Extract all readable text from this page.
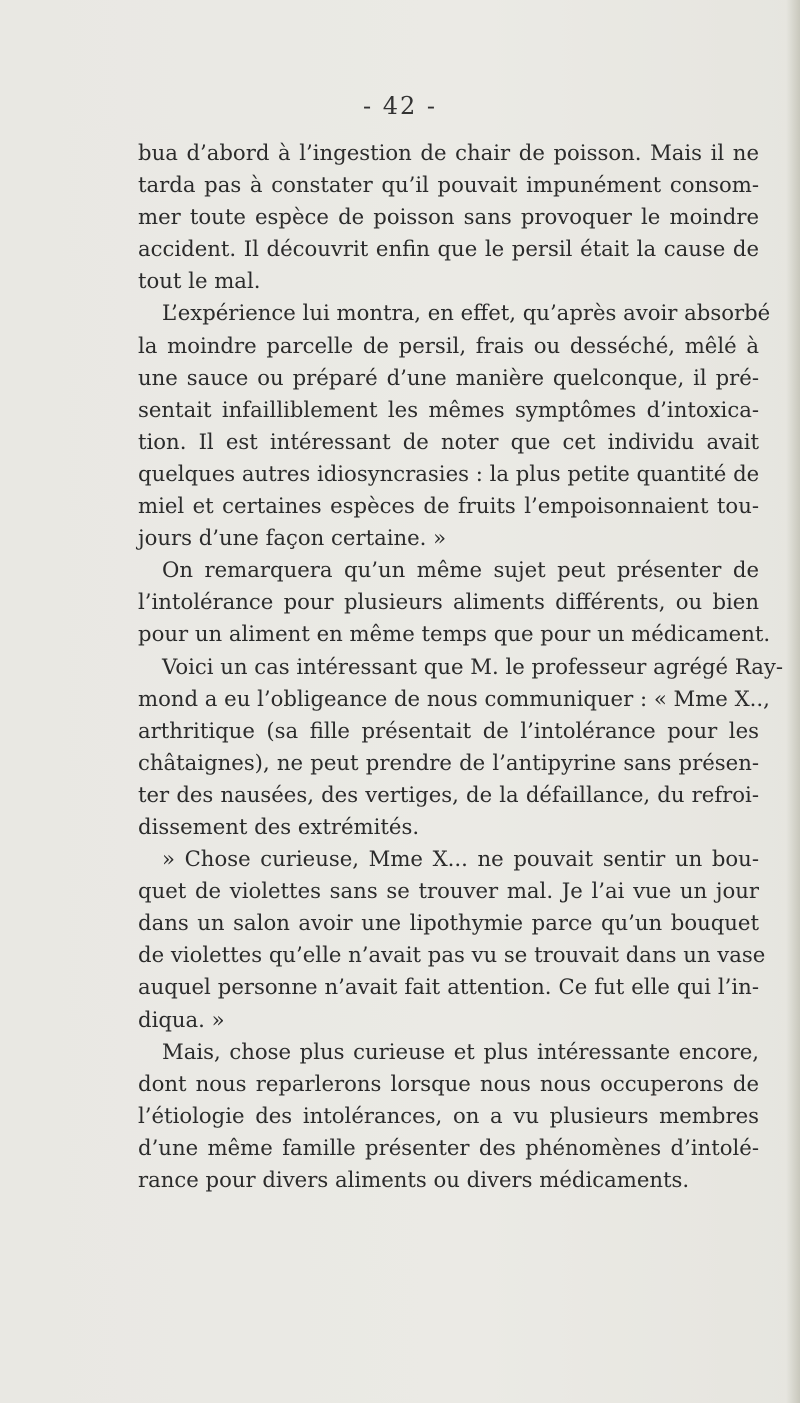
- 42 -
bua d’abord à l’ingestion de chair de poisson. Mais il ne
tarda pas à constater qu’il pouvait impunément consom-
mer toute espèce de poisson sans provoquer le moindre
accident. Il découvrit enfin que le persil était la cause de
tout le mal.
L’expérience lui montra, en effet, qu’après avoir absorbé
la moindre parcelle de persil, frais ou desséché, mêlé à
une sauce ou préparé d’une manière quelconque, il pré-
sentait infailliblement les mêmes symptômes d’intoxica-
tion. Il est intéressant de noter que cet individu avait
quelques autres idiosyncrasies : la plus petite quantité de
miel et certaines espèces de fruits l’empoisonnaient tou-
jours d’une façon certaine. »
On remarquera qu’un même sujet peut présenter de
l’intolérance pour plusieurs aliments différents, ou bien
pour un aliment en même temps que pour un médicament.
Voici un cas intéressant que M. le professeur agrégé Ray-
mond a eu l’obligeance de nous communiquer : « Mme X..,
arthritique (sa fille présentait de l’intolérance pour les
châtaignes), ne peut prendre de l’antipyrine sans présen-
ter des nausées, des vertiges, de la défaillance, du refroi-
dissement des extrémités.
» Chose curieuse, Mme X... ne pouvait sentir un bou-
quet de violettes sans se trouver mal. Je l’ai vue un jour
dans un salon avoir une lipothymie parce qu’un bouquet
de violettes qu’elle n’avait pas vu se trouvait dans un vase
auquel personne n’avait fait attention. Ce fut elle qui l’in-
diqua. »
Mais, chose plus curieuse et plus intéressante encore,
dont nous reparlerons lorsque nous nous occuperons de
l’étiologie des intolérances, on a vu plusieurs membres
d’une même famille présenter des phénomènes d’intolé-
rance pour divers aliments ou divers médicaments.
